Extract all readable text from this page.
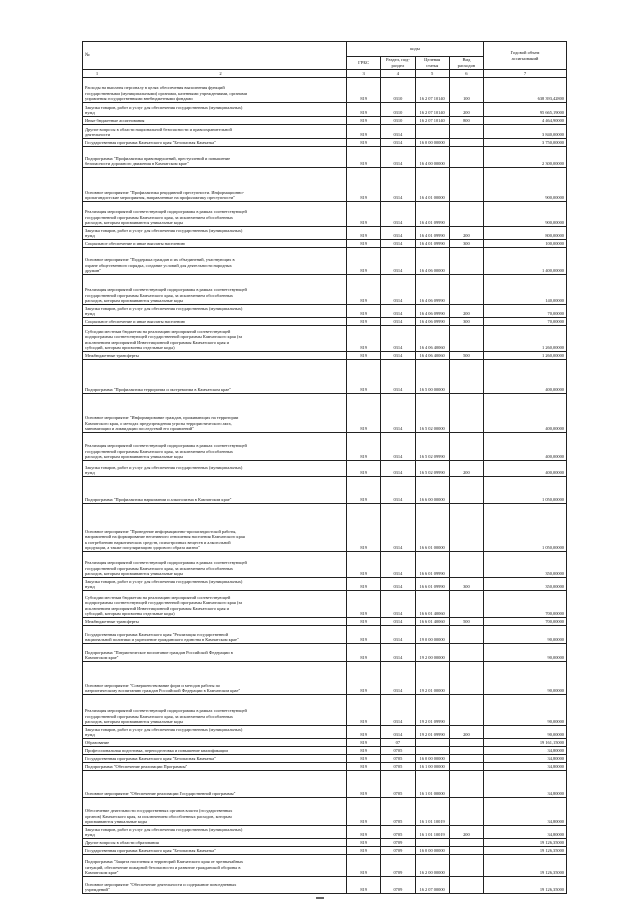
№	коды				Годовой объем
ассигнований
	ГРБС	Раздел, под-
раздел	Целевая статья	Вид
расходов	
1 2	3	4	5	6	7
Расходы на выплаты персоналу в целях обеспечения выполнения функций
государственными (муниципальными) органами, казенными учреждениями, органами
управления государственными внебюджетными фондами	819	0310	16 2 07 10140	100	638 393,42800
Закупка товаров, работ и услуг для обеспечения государственных (муниципальных)
нужд	819	0310	16 2 07 10140	200	95 665,19000
Иные бюджетные ассигнования	819	0310	16 2 07 10140	800	4 464,90000
Другие вопросы в области национальной безопасности и правоохранительной
деятельности	819	0314			3 840,00000
Государственная программа Камчатского края "Безопасная Камчатка"	819	0314	16 0 00 00000		3 750,00000
Подпрограмма "Профилактика правонарушений, преступлений и повышение
безопасности дорожного движения в Камчатском крае"	819	0314	16 4 00 00000		2 300,00000
Основное мероприятие "Профилактика рецидивной преступности. Информационно-
пропагандистские мероприятия, направленные на профилактику преступности"	819	0314	16 4 01 00000		900,00000
Реализация мероприятий соответствующей подпрограммы в рамках соответствующей
государственной программы Камчатского края, за исключением обособленных
расходов, которым присваиваются уникальные коды	819	0314	16 4 01 09990		900,00000
Закупка товаров, работ и услуг для обеспечения государственных (муниципальных)
нужд	819	0314	16 4 01 09990	200	800,00000
Социальное обеспечение и иные выплаты населению	819	0314	16 4 01 09990	300	100,00000
Основное мероприятие "Поддержка граждан и их объединений, участвующих в
охране общественного порядка, создание условий для деятельности народных
дружин"	819	0314	16 4 06 00000		1 400,00000
Реализация мероприятий соответствующей подпрограммы в рамках соответствующей
государственной программы Камчатского края, за исключением обособленных
расходов, которым присваиваются уникальные коды	819	0314	16 4 06 09990		140,00000
Закупка товаров, работ и услуг для обеспечения государственных (муниципальных)
нужд	819	0314	16 4 06 09990	200	70,00000
Социальное обеспечение и иные выплаты населению	819	0314	16 4 06 09990	300	70,00000
Субсидии местным бюджетам на реализацию мероприятий соответствующей
подпрограммы соответствующей государственной программы Камчатского края (за
исключением мероприятий Инвестиционной программы Камчатского края и
субсидий, которым присвоены отдельные коды)	819	0314	16 4 06 40060		1 260,00000
Межбюджетные трансферты	819	0314	16 4 06 40060	500	1 260,00000
Подпрограмма "Профилактика терроризма и экстремизма в Камчатском крае"	819	0314	16 5 00 00000		400,00000
Основное мероприятие "Информирование граждан, проживающих на территории
Камчатского края, о методах предупреждения угрозы террористического акта,
минимизации и ликвидации последствий его проявлений"	819	0314	16 5 02 00000		400,00000
Реализация мероприятий соответствующей подпрограммы в рамках соответствующей
государственной программы Камчатского края, за исключением обособленных
расходов, которым присваиваются уникальные коды	819	0314	16 5 02 09990		400,00000
Закупка товаров, работ и услуг для обеспечения государственных (муниципальных)
нужд	819	0314	16 5 02 09990	200	400,00000
Подпрограмма "Профилактика наркомании и алкоголизма в Камчатском крае"	819	0314	16 6 00 00000		1 050,00000
Основное мероприятие "Проведение информационно-пропагандистской работы,
направленной на формирование негативного отношения населения Камчатского края
к потреблению наркотических средств, психотропных веществ и алкогольной
продукции, а также популяризацию здорового образа жизни"	819	0314	16 6 01 00000		1 050,00000
Реализация мероприятий соответствующей подпрограммы в рамках соответствующей
государственной программы Камчатского края, за исключением обособленных
расходов, которым присваиваются уникальные коды	819	0314	16 6 01 09990		350,00000
Закупка товаров, работ и услуг для обеспечения государственных (муниципальных)
нужд	819	0314	16 6 01 09990	300	350,00000
Субсидии местным бюджетам на реализацию мероприятий соответствующей
подпрограммы соответствующей государственной программы Камчатского края (за
исключением мероприятий Инвестиционной программы Камчатского края и
субсидий, которым присвоены отдельные коды)	819	0314	16 6 01 40060		700,00000
Межбюджетные трансферты	819	0314	16 6 01 40060	500	700,00000
Государственная программа Камчатского края "Реализация государственной
национальной политики и укрепление гражданского единства в Камчатском крае"	819	0314	19 0 00 00000		90,00000
Подпрограмма "Патриотическое воспитание граждан Российской Федерации в
Камчатском крае"	819	0314	19 2 00 00000		90,00000
Основное мероприятие "Совершенствование форм и методов работы по
патриотическому воспитанию граждан Российской Федерации в Камчатском крае"	819	0314	19 2 01 00000		90,00000
Реализация мероприятий соответствующей подпрограммы в рамках соответствующей
государственной программы Камчатского края, за исключением обособленных
расходов, которым присваиваются уникальные коды	819	0314	19 2 01 09990		90,00000
Закупка товаров, работ и услуг для обеспечения государственных (муниципальных)
нужд	819	0314	19 2 01 09990	200	90,00000
Образование	819	07			19 161,15000
Профессиональная подготовка, переподготовка и повышение квалификации	819	0705			34,80000
Государственная программа Камчатского края "Безопасная Камчатка"	819	0705	16 0 00 00000		34,80000
Подпрограмма "Обеспечение реализации Программы"	819	0705	16 1 00 00000		34,80000
Основное мероприятие "Обеспечение реализации Государственной программы"	819	0705	16 1 01 00000		34,80000
Обеспечение деятельности государственных органов власти (государственных
органов) Камчатского края, за исключением обособленных расходов, которым
присваиваются уникальные коды	819	0705	16 1 01 10019		34,80000
Закупка товаров, работ и услуг для обеспечения государственных (муниципальных)
нужд	819	0705	16 1 01 10019	200	34,80000
Другие вопросы в области образования	819	0709			19 126,35000
Государственная программа Камчатского края "Безопасная Камчатка"	819	0709	16 0 00 00000		19 126,35000
Подпрограмма "Защита населения и территорий Камчатского края от чрезвычайных
ситуаций, обеспечение пожарной безопасности и развитие гражданской обороны в
Камчатском крае"	819	0709	16 2 00 00000		19 126,35000
Основное мероприятие "Обеспечение деятельности и содержание повседневных
учреждений"	819	0709	16 2 07 00000		19 126,35000
